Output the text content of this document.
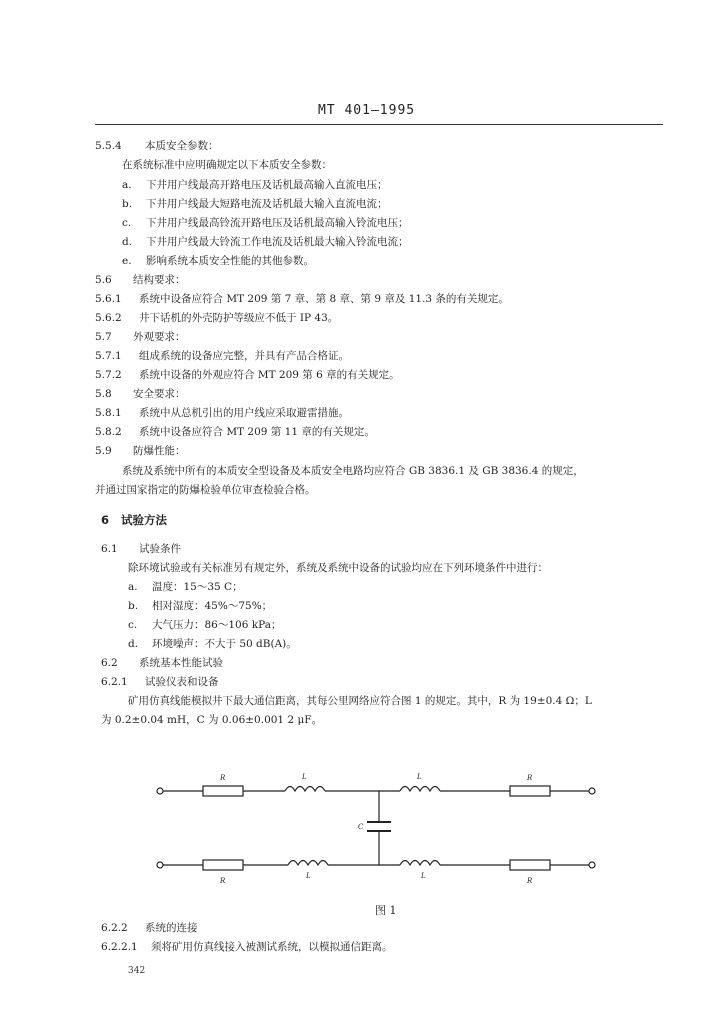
MT 401—1995
5.5.4 本质安全参数：
在系统标准中应明确规定以下本质安全参数：
a. 下井用户线最高开路电压及话机最高输入直流电压；
b. 下井用户线最大短路电流及话机最大输入直流电流；
c. 下井用户线最高铃流开路电压及话机最高输入铃流电压；
d. 下井用户线最大铃流工作电流及话机最大输入铃流电流；
e. 影响系统本质安全性能的其他参数。
5.6 结构要求：
5.6.1 系统中设备应符合 MT 209 第 7 章、第 8 章、第 9 章及 11.3 条的有关规定。
5.6.2 井下话机的外壳防护等级应不低于 IP 43。
5.7 外观要求：
5.7.1 组成系统的设备应完整，并具有产品合格证。
5.7.2 系统中设备的外观应符合 MT 209 第 6 章的有关规定。
5.8 安全要求：
5.8.1 系统中从总机引出的用户线应采取避雷措施。
5.8.2 系统中设备应符合 MT 209 第 11 章的有关规定。
5.9 防爆性能：
系统及系统中所有的本质安全型设备及本质安全电路均应符合 GB 3836.1 及 GB 3836.4 的规定，
并通过国家指定的防爆检验单位审查检验合格。
6 试验方法
6.1 试验条件
除环境试验或有关标准另有规定外，系统及系统中设备的试验均应在下列环境条件中进行：
a. 温度：15～35 C；
b. 相对湿度：45%～75%；
c. 大气压力：86～106 kPa；
d. 环境噪声：不大于 50 dB(A)。
6.2 系统基本性能试验
6.2.1 试验仪表和设备
矿用仿真线能模拟井下最大通信距离，其每公里网络应符合图 1 的规定。其中，R 为 19±0.4 Ω；L
为 0.2±0.04 mH，C 为 0.06±0.001 2 μF。
R	L	L	R
C
R
L	L
R
图 1
6.2.2 系统的连接
6.2.2.1 须将矿用仿真线接入被测试系统，以模拟通信距离。
342
